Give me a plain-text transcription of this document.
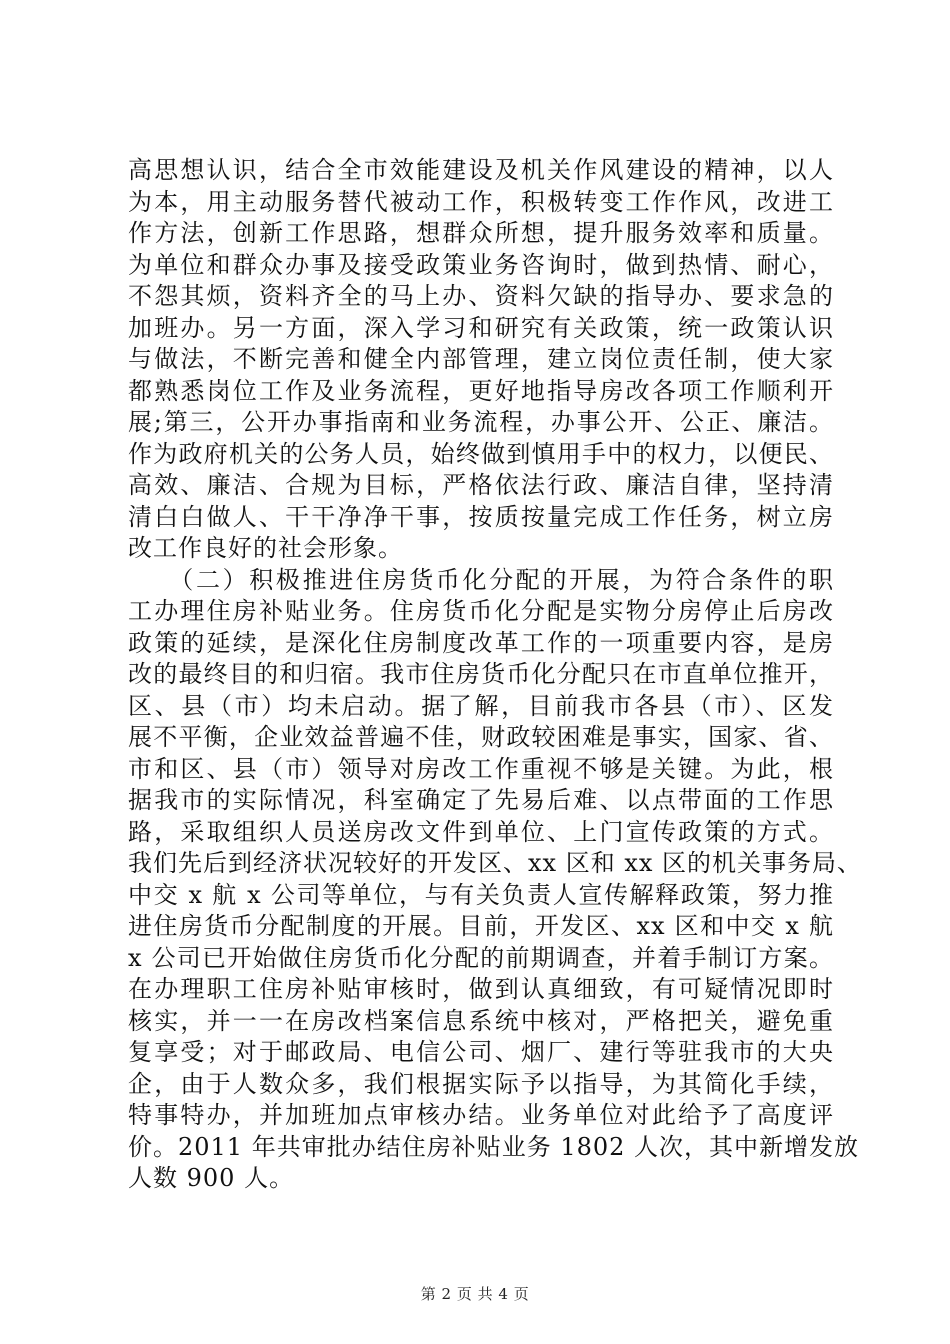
高思想认识，结合全市效能建设及机关作风建设的精神，以人
为本，用主动服务替代被动工作，积极转变工作作风，改进工
作方法，创新工作思路，想群众所想，提升服务效率和质量。
为单位和群众办事及接受政策业务咨询时，做到热情、耐心，
不怨其烦，资料齐全的马上办、资料欠缺的指导办、要求急的
加班办。另一方面，深入学习和研究有关政策，统一政策认识
与做法，不断完善和健全内部管理，建立岗位责任制，使大家
都熟悉岗位工作及业务流程，更好地指导房改各项工作顺利开
展;第三，公开办事指南和业务流程，办事公开、公正、廉洁。
作为政府机关的公务人员，始终做到慎用手中的权力，以便民、
高效、廉洁、合规为目标，严格依法行政、廉洁自律，坚持清
清白白做人、干干净净干事，按质按量完成工作任务，树立房
改工作良好的社会形象。
　　（二）积极推进住房货币化分配的开展，为符合条件的职
工办理住房补贴业务。住房货币化分配是实物分房停止后房改
政策的延续，是深化住房制度改革工作的一项重要内容，是房
改的最终目的和归宿。我市住房货币化分配只在市直单位推开，
区、县（市）均未启动。据了解，目前我市各县（市）、区发
展不平衡，企业效益普遍不佳，财政较困难是事实，国家、省、
市和区、县（市）领导对房改工作重视不够是关键。为此，根
据我市的实际情况，科室确定了先易后难、以点带面的工作思
路，采取组织人员送房改文件到单位、上门宣传政策的方式。
我们先后到经济状况较好的开发区、xx 区和 xx 区的机关事务局、
中交 x 航 x 公司等单位，与有关负责人宣传解释政策，努力推
进住房货币分配制度的开展。目前，开发区、xx 区和中交 x 航
x 公司已开始做住房货币化分配的前期调查，并着手制订方案。
在办理职工住房补贴审核时，做到认真细致，有可疑情况即时
核实，并一一在房改档案信息系统中核对，严格把关，避免重
复享受；对于邮政局、电信公司、烟厂、建行等驻我市的大央
企，由于人数众多，我们根据实际予以指导，为其简化手续，
特事特办，并加班加点审核办结。业务单位对此给予了高度评
价。2011 年共审批办结住房补贴业务 1802 人次，其中新增发放
人数 900 人。
第 2 页 共 4 页
